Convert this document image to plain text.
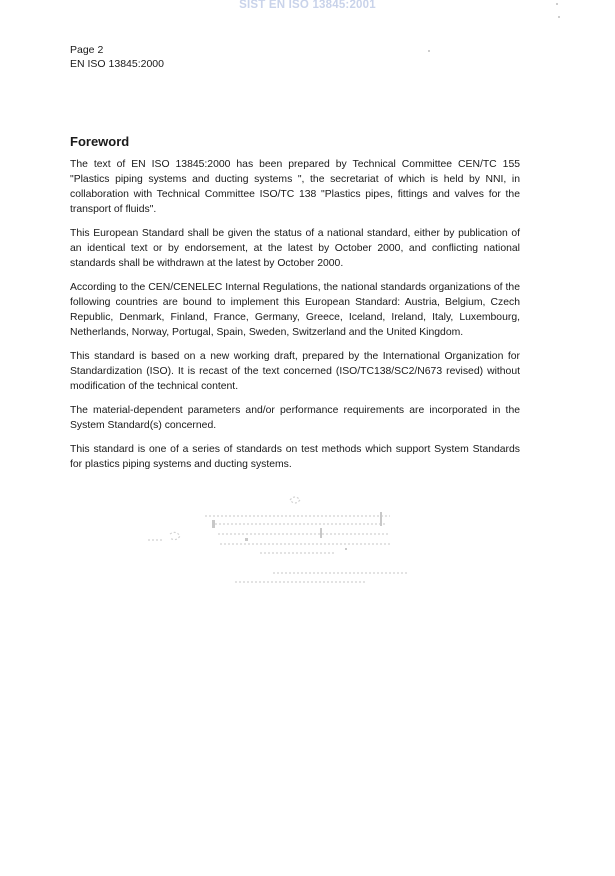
SIST EN ISO 13845:2001
Page 2
EN ISO 13845:2000
Foreword

The text of EN ISO 13845:2000 has been prepared by Technical Committee CEN/TC 155 "Plastics piping systems and ducting systems ", the secretariat of which is held by NNI, in collaboration with Technical Committee ISO/TC 138 "Plastics pipes, fittings and valves for the transport of fluids".

This European Standard shall be given the status of a national standard, either by publication of an identical text or by endorsement, at the latest by October 2000, and conflicting national standards shall be withdrawn at the latest by October 2000.

According to the CEN/CENELEC Internal Regulations, the national standards organizations of the following countries are bound to implement this European Standard: Austria, Belgium, Czech Republic, Denmark, Finland, France, Germany, Greece, Iceland, Ireland, Italy, Luxembourg, Netherlands, Norway, Portugal, Spain, Sweden, Switzerland and the United Kingdom.

This standard is based on a new working draft, prepared by the International Organization for Standardization (ISO). It is recast of the text concerned (ISO/TC138/SC2/N673 revised) without modification of the technical content.

The material-dependent parameters and/or performance requirements are incorporated in the System Standard(s) concerned.

This standard is one of a series of standards on test methods which support System Standards for plastics piping systems and ducting systems.
